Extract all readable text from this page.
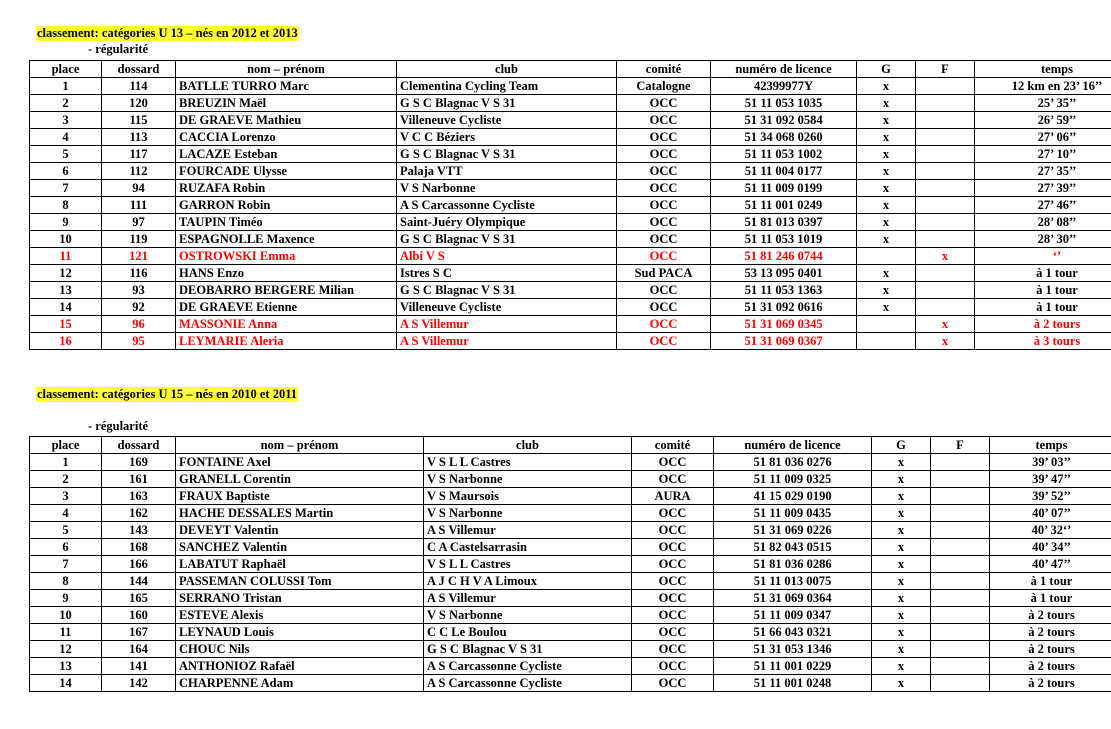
classement: catégories U 13 – nés en 2012 et 2013
- régularité
place	dossard	nom – prénom	club	comité	numéro de licence	G	F	temps
1	114	BATLLE TURRO Marc	Clementina Cycling Team	Catalogne	42399977Y	x		12 km en 23’ 16’’
2	120	BREUZIN Maël	G S C Blagnac V S 31	OCC	51 11 053 1035	x		25’ 35’’
3	115	DE GRAEVE Mathieu	Villeneuve Cycliste	OCC	51 31 092 0584	x		26’ 59’’
4	113	CACCIA Lorenzo	V C C Béziers	OCC	51 34 068 0260	x		27’ 06’’
5	117	LACAZE Esteban	G S C Blagnac V S 31	OCC	51 11 053 1002	x		27’ 10’’
6	112	FOURCADE Ulysse	Palaja VTT	OCC	51 11 004 0177	x		27’ 35’’
7	94	RUZAFA Robin	V S Narbonne	OCC	51 11 009 0199	x		27’ 39’’
8	111	GARRON Robin	A S Carcassonne Cycliste	OCC	51 11 001 0249	x		27’ 46’’
9	97	TAUPIN Timéo	Saint-Juéry Olympique	OCC	51 81 013 0397	x		28’ 08’’
10	119	ESPAGNOLLE Maxence	G S C Blagnac V S 31	OCC	51 11 053 1019	x		28’ 30’’
11	121	OSTROWSKI Emma	Albi V S	OCC	51 81 246 0744		x	‘’
12	116	HANS Enzo	Istres S C	Sud PACA	53 13 095 0401	x		à 1 tour
13	93	DEOBARRO BERGERE Milian	G S C Blagnac V S 31	OCC	51 11 053 1363	x		à 1 tour
14	92	DE GRAEVE Etienne	Villeneuve Cycliste	OCC	51 31 092 0616	x		à 1 tour
15	96	MASSONIE Anna	A S Villemur	OCC	51 31 069 0345		x	à 2 tours
16	95	LEYMARIE Aleria	A S Villemur	OCC	51 31 069 0367		x	à 3 tours
classement: catégories U 15 – nés en 2010 et 2011
- régularité
place	dossard	nom – prénom	club	comité	numéro de licence	G	F	temps
1	169	FONTAINE Axel	V S L L Castres	OCC	51 81 036 0276	x		39’ 03’’
2	161	GRANELL Corentin	V S Narbonne	OCC	51 11 009 0325	x		39’ 47’’
3	163	FRAUX Baptiste	V S Maursois	AURA	41 15 029 0190	x		39’ 52’’
4	162	HACHE DESSALES Martin	V S Narbonne	OCC	51 11 009 0435	x		40’ 07’’
5	143	DEVEYT Valentin	A S Villemur	OCC	51 31 069 0226	x		40’ 32‘’
6	168	SANCHEZ Valentin	C A Castelsarrasin	OCC	51 82 043 0515	x		40’ 34’’
7	166	LABATUT Raphaël	V S L L Castres	OCC	51 81 036 0286	x		40’ 47’’
8	144	PASSEMAN COLUSSI Tom	A J C H V A Limoux	OCC	51 11 013 0075	x		à 1 tour
9	165	SERRANO Tristan	A S Villemur	OCC	51 31 069 0364	x		à 1 tour
10	160	ESTEVE Alexis	V S Narbonne	OCC	51 11 009 0347	x		à 2 tours
11	167	LEYNAUD Louis	C C Le Boulou	OCC	51 66 043 0321	x		à 2 tours
12	164	CHOUC Nils	G S C Blagnac V S 31	OCC	51 31 053 1346	x		à 2 tours
13	141	ANTHONIOZ Rafaël	A S Carcassonne Cycliste	OCC	51 11 001 0229	x		à 2 tours
14	142	CHARPENNE Adam	A S Carcassonne Cycliste	OCC	51 11 001 0248	x		à 2 tours
